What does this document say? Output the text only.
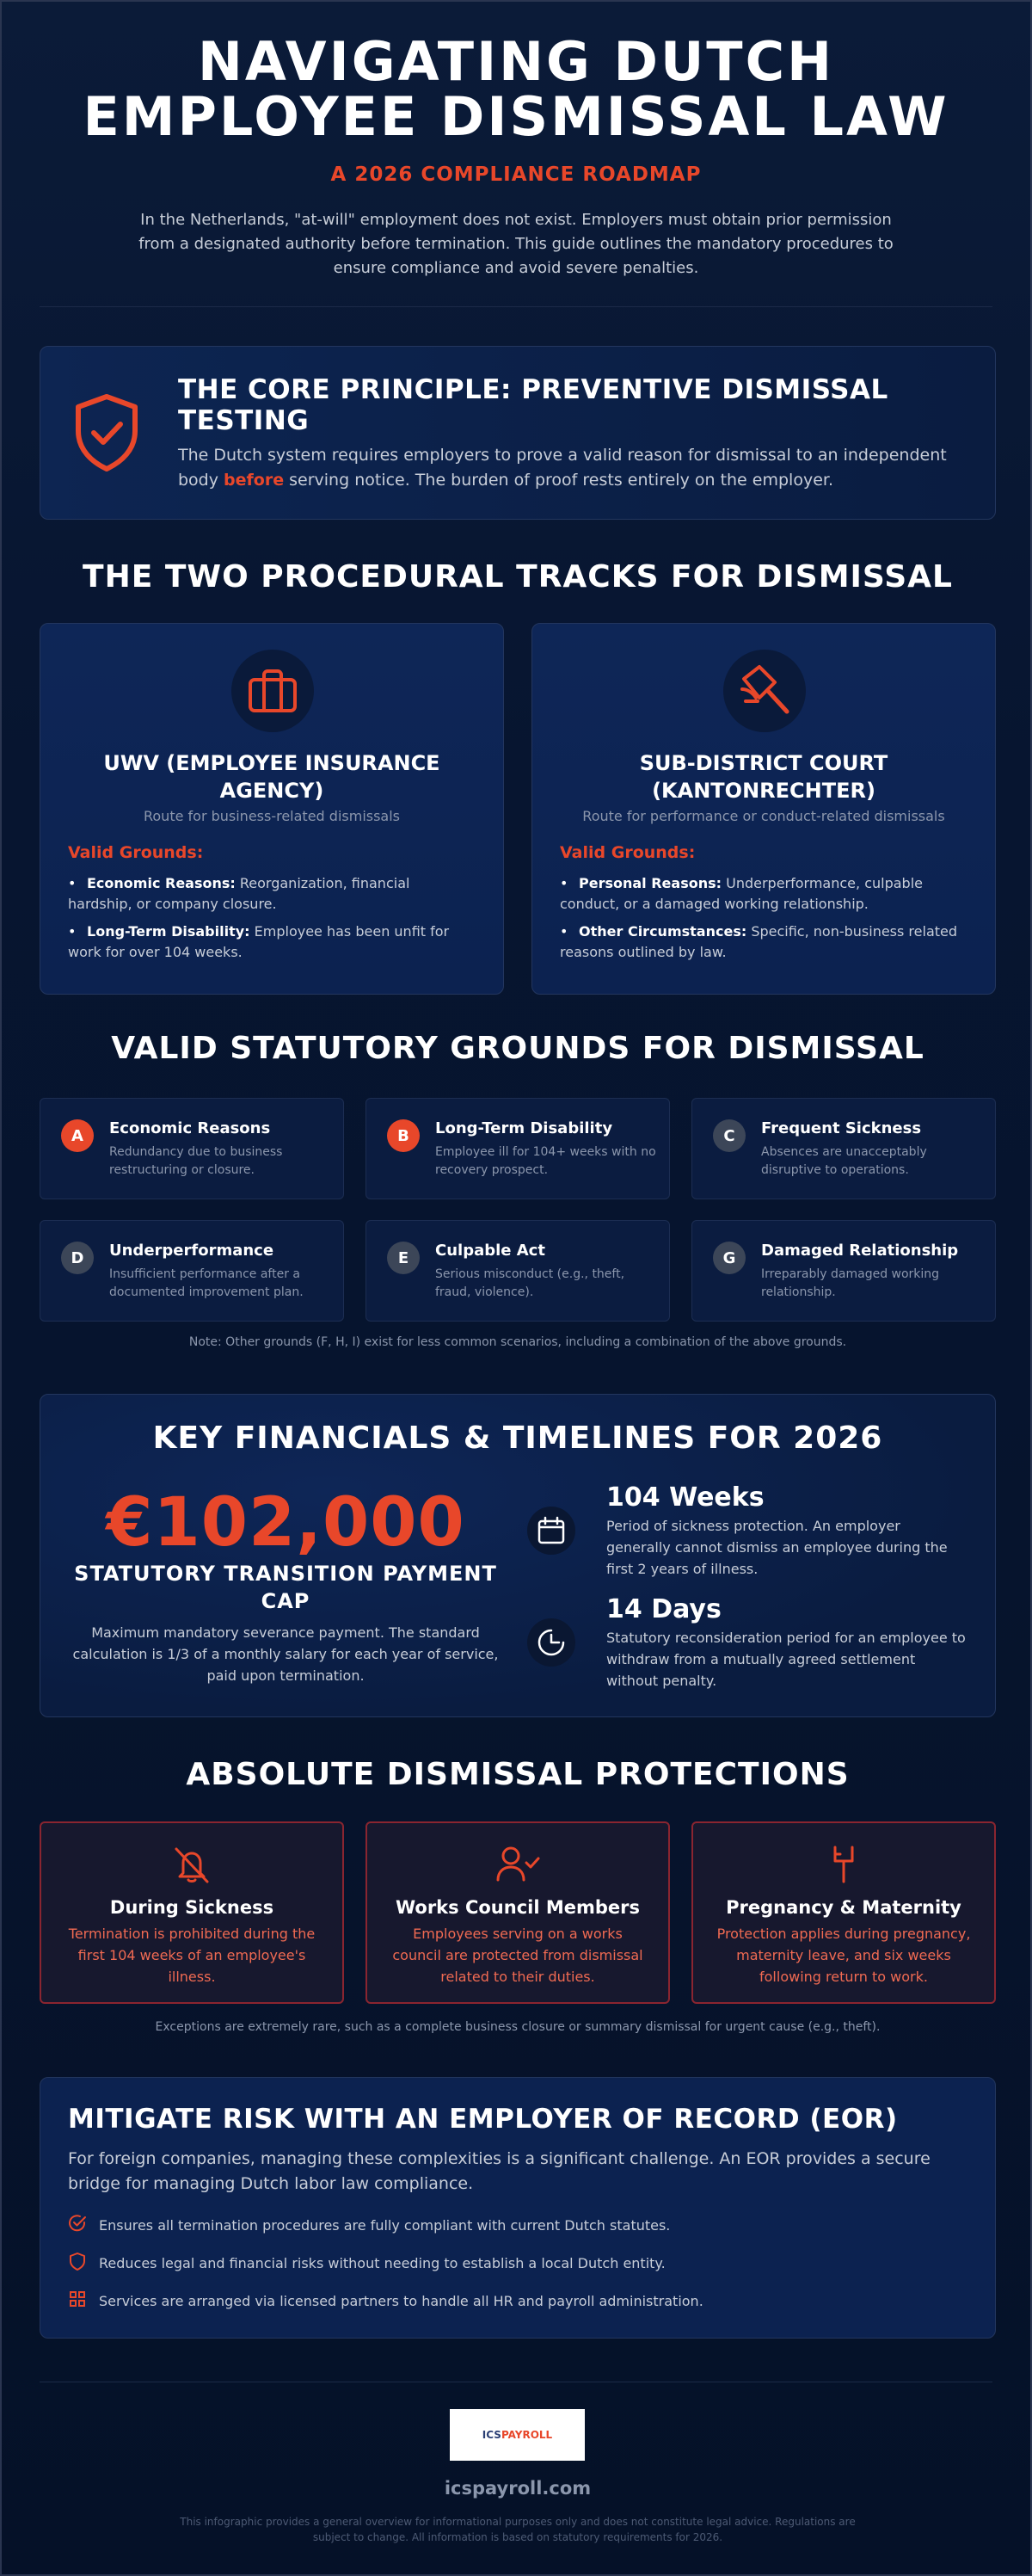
NAVIGATING DUTCH
EMPLOYEE DISMISSAL LAW
A 2026 COMPLIANCE ROADMAP
In the Netherlands, "at-will" employment does not exist. Employers must obtain prior permission from a designated authority before termination. This guide outlines the mandatory procedures to ensure compliance and avoid severe penalties.
THE CORE PRINCIPLE: PREVENTIVE DISMISSAL TESTING

The Dutch system requires employers to prove a valid reason for dismissal to an independent body before serving notice. The burden of proof rests entirely on the employer.

THE TWO PROCEDURAL TRACKS FOR DISMISSAL
UWV (EMPLOYEE INSURANCE AGENCY)
Route for business-related dismissals
Valid Grounds:
• Economic Reasons: Reorganization, financial hardship, or company closure.
• Long-Term Disability: Employee has been unfit for work for over 104 weeks.
SUB-DISTRICT COURT (KANTONRECHTER)
Route for performance or conduct-related dismissals
Valid Grounds:
• Personal Reasons: Underperformance, culpable conduct, or a damaged working relationship.
• Other Circumstances: Specific, non-business related reasons outlined by law.
VALID STATUTORY GROUNDS FOR DISMISSAL
A	Economic Reasons
Redundancy due to business restructuring or closure.
B	Long-Term Disability
Employee ill for 104+ weeks with no recovery prospect.
C	Frequent Sickness
Absences are unacceptably disruptive to operations.
D	Underperformance
Insufficient performance after a documented improvement plan.
E	Culpable Act
Serious misconduct (e.g., theft, fraud, violence).
G	Damaged Relationship
Irreparably damaged working relationship.
Note: Other grounds (F, H, I) exist for less common scenarios, including a combination of the above grounds.
KEY FINANCIALS & TIMELINES FOR 2026
€102,000
STATUTORY TRANSITION PAYMENT CAP
Maximum mandatory severance payment. The standard calculation is 1/3 of a monthly salary for each year of service, paid upon termination.
104 Weeks
Period of sickness protection. An employer generally cannot dismiss an employee during the first 2 years of illness.
14 Days
Statutory reconsideration period for an employee to withdraw from a mutually agreed settlement without penalty.
ABSOLUTE DISMISSAL PROTECTIONS
During Sickness
Termination is prohibited during the first 104 weeks of an employee's illness.
Works Council Members
Employees serving on a works council are protected from dismissal related to their duties.
Pregnancy & Maternity
Protection applies during pregnancy, maternity leave, and six weeks following return to work.
Exceptions are extremely rare, such as a complete business closure or summary dismissal for urgent cause (e.g., theft).
MITIGATE RISK WITH AN EMPLOYER OF RECORD (EOR)
For foreign companies, managing these complexities is a significant challenge. An EOR provides a secure bridge for managing Dutch labor law compliance.
Ensures all termination procedures are fully compliant with current Dutch statutes.
Reduces legal and financial risks without needing to establish a local Dutch entity.
Services are arranged via licensed partners to handle all HR and payroll administration.
ICS PAYROLL
icspayroll.com
This infographic provides a general overview for informational purposes only and does not constitute legal advice. Regulations are subject to change. All information is based on statutory requirements for 2026.
